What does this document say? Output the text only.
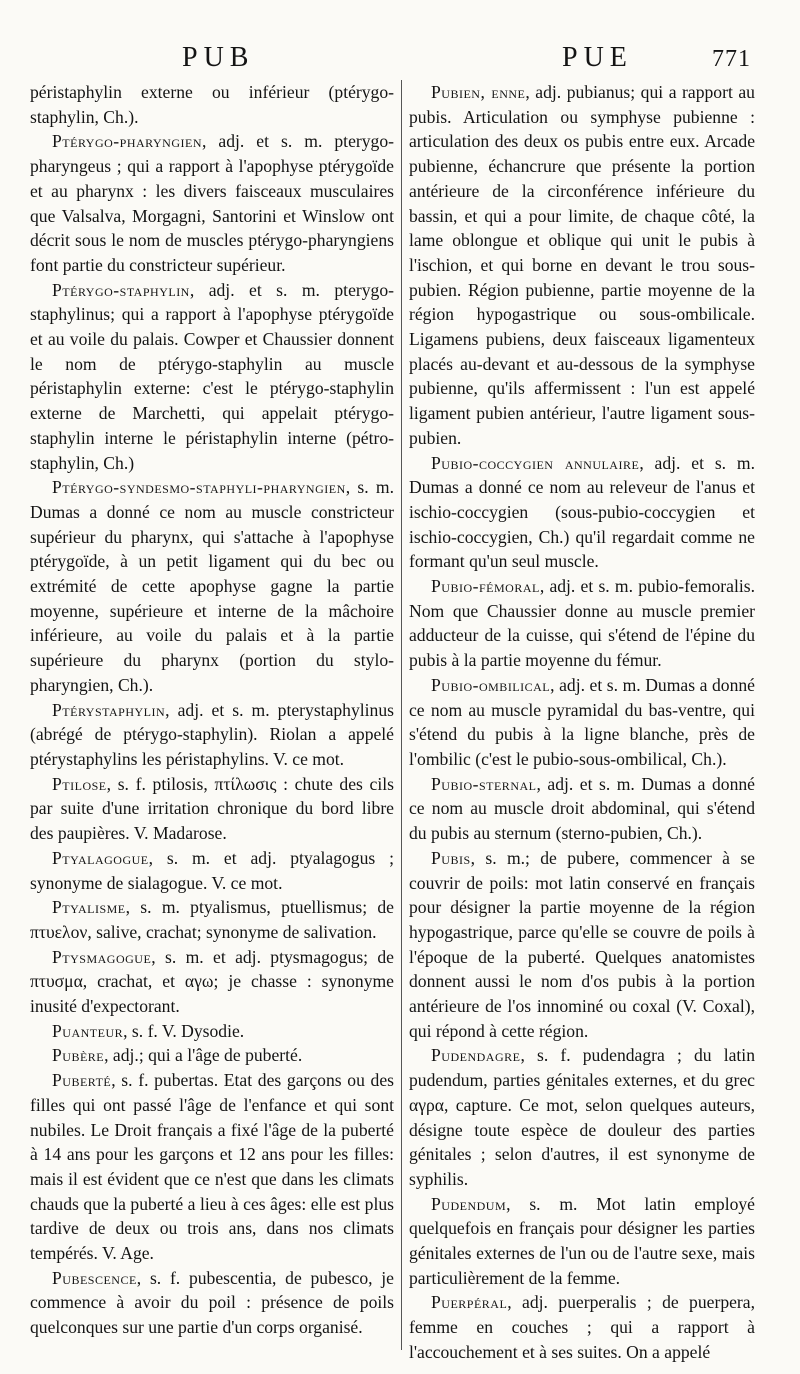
PUB	PUE	771

péristaphylin externe ou inférieur (ptérygo-staphylin, Ch.).

Ptérygo-pharyngien, adj. et s. m. pterygo-pharyngeus ; qui a rapport à l'apophyse ptérygoïde et au pharynx : les divers faisceaux musculaires que Valsalva, Morgagni, Santorini et Winslow ont décrit sous le nom de muscles ptérygo-pharyngiens font partie du constricteur supérieur.

Ptérygo-staphylin, adj. et s. m. pterygo-staphylinus; qui a rapport à l'apophyse ptérygoïde et au voile du palais. Cowper et Chaussier donnent le nom de ptérygo-staphylin au muscle péristaphylin externe: c'est le ptérygo-staphylin externe de Marchetti, qui appelait ptérygo-staphylin interne le péristaphylin interne (pétro-staphylin, Ch.)

Ptérygo-syndesmo-staphyli-pharyngien, s. m. Dumas a donné ce nom au muscle constricteur supérieur du pharynx, qui s'attache à l'apophyse ptérygoïde, à un petit ligament qui du bec ou extrémité de cette apophyse gagne la partie moyenne, supérieure et interne de la mâchoire inférieure, au voile du palais et à la partie supérieure du pharynx (portion du stylo-pharyngien, Ch.).

Ptérystaphylin, adj. et s. m. pterystaphylinus (abrégé de ptérygo-staphylin). Riolan a appelé ptérystaphylins les péristaphylins. V. ce mot.

Ptilose, s. f. ptilosis, πτίλωσις : chute des cils par suite d'une irritation chronique du bord libre des paupières. V. Madarose.

Ptyalagogue, s. m. et adj. ptyalagogus ; synonyme de sialagogue. V. ce mot.

Ptyalisme, s. m. ptyalismus, ptuellismus; de πτυελον, salive, crachat; synonyme de salivation.

Ptysmagogue, s. m. et adj. ptysmagogus; de πτυσμα, crachat, et αγω; je chasse : synonyme inusité d'expectorant.

Puanteur, s. f. V. Dysodie.

Pubère, adj.; qui a l'âge de puberté.

Puberté, s. f. pubertas. Etat des garçons ou des filles qui ont passé l'âge de l'enfance et qui sont nubiles. Le Droit français a fixé l'âge de la puberté à 14 ans pour les garçons et 12 ans pour les filles: mais il est évident que ce n'est que dans les climats chauds que la puberté a lieu à ces âges: elle est plus tardive de deux ou trois ans, dans nos climats tempérés. V. Age.

Pubescence, s. f. pubescentia, de pubesco, je commence à avoir du poil : présence de poils quelconques sur une partie d'un corps organisé.

Pubien, enne, adj. pubianus; qui a rapport au pubis. Articulation ou symphyse pubienne : articulation des deux os pubis entre eux. Arcade pubienne, échancrure que présente la portion antérieure de la circonférence inférieure du bassin, et qui a pour limite, de chaque côté, la lame oblongue et oblique qui unit le pubis à l'ischion, et qui borne en devant le trou sous-pubien. Région pubienne, partie moyenne de la région hypogastrique ou sous-ombilicale. Ligamens pubiens, deux faisceaux ligamenteux placés au-devant et au-dessous de la symphyse pubienne, qu'ils affermissent : l'un est appelé ligament pubien antérieur, l'autre ligament sous-pubien.

Pubio-coccygien annulaire, adj. et s. m. Dumas a donné ce nom au releveur de l'anus et ischio-coccygien (sous-pubio-coccygien et ischio-coccygien, Ch.) qu'il regardait comme ne formant qu'un seul muscle.

Pubio-fémoral, adj. et s. m. pubio-femoralis. Nom que Chaussier donne au muscle premier adducteur de la cuisse, qui s'étend de l'épine du pubis à la partie moyenne du fémur.

Pubio-ombilical, adj. et s. m. Dumas a donné ce nom au muscle pyramidal du bas-ventre, qui s'étend du pubis à la ligne blanche, près de l'ombilic (c'est le pubio-sous-ombilical, Ch.).

Pubio-sternal, adj. et s. m. Dumas a donné ce nom au muscle droit abdominal, qui s'étend du pubis au sternum (sterno-pubien, Ch.).

Pubis, s. m.; de pubere, commencer à se couvrir de poils: mot latin conservé en français pour désigner la partie moyenne de la région hypogastrique, parce qu'elle se couvre de poils à l'époque de la puberté. Quelques anatomistes donnent aussi le nom d'os pubis à la portion antérieure de l'os innominé ou coxal (V. Coxal), qui répond à cette région.

Pudendagre, s. f. pudendagra ; du latin pudendum, parties génitales externes, et du grec αγρα, capture. Ce mot, selon quelques auteurs, désigne toute espèce de douleur des parties génitales ; selon d'autres, il est synonyme de syphilis.

Pudendum, s. m. Mot latin employé quelquefois en français pour désigner les parties génitales externes de l'un ou de l'autre sexe, mais particulièrement de la femme.

Puerpéral, adj. puerperalis ; de puerpera, femme en couches ; qui a rapport à l'accouchement et à ses suites. On a appelé
